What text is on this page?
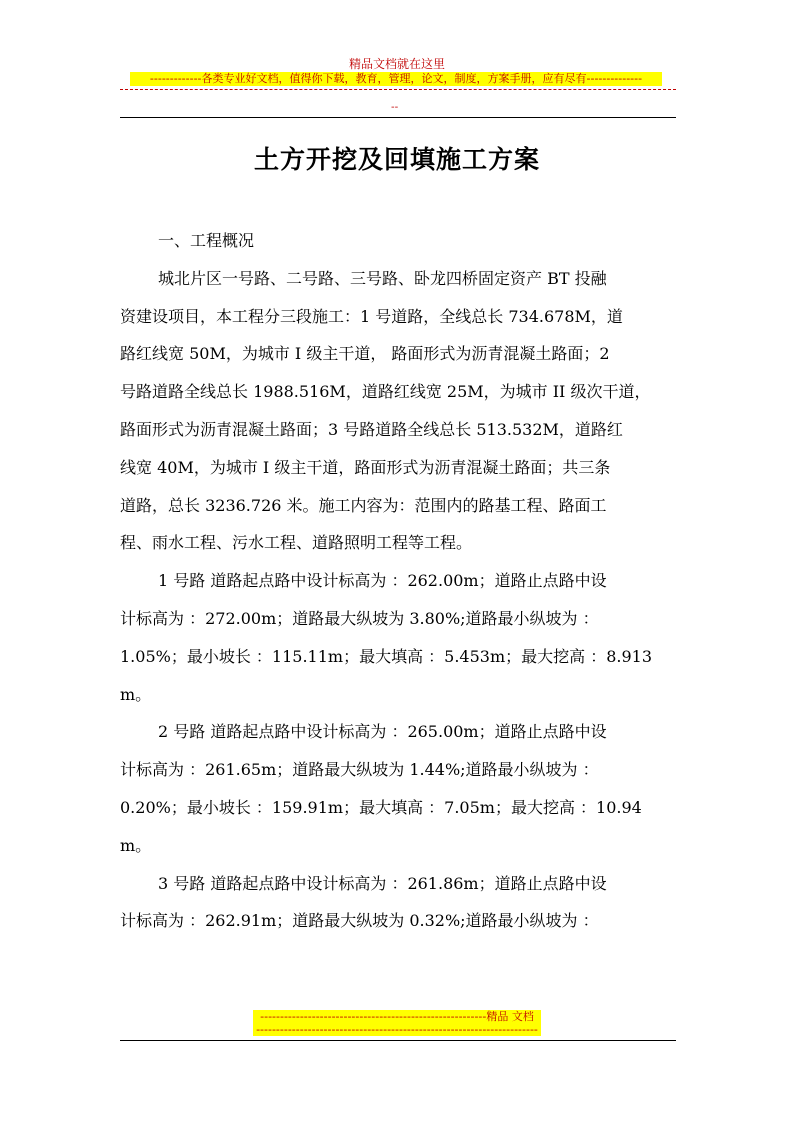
精品文档就在这里
-------------各类专业好文档，值得你下载，教育，管理，论文，制度，方案手册，应有尽有--------------
--
土方开挖及回填施工方案
一、工程概况
城北片区一号路、二号路、三号路、卧龙四桥固定资产 BT 投融
资建设项目，本工程分三段施工：1 号道路，全线总长 734.678M，道
路红线宽 50M，为城市 I 级主干道， 路面形式为沥青混凝土路面；2
号路道路全线总长 1988.516M，道路红线宽 25M，为城市 II 级次干道，
路面形式为沥青混凝土路面；3 号路道路全线总长 513.532M，道路红
线宽 40M，为城市 I 级主干道，路面形式为沥青混凝土路面；共三条
道路，总长 3236.726 米。施工内容为：范围内的路基工程、路面工
程、雨水工程、污水工程、道路照明工程等工程。
1 号路 道路起点路中设计标高为 ：262.00m；道路止点路中设
计标高为 ：272.00m；道路最大纵坡为 3.80%;道路最小纵坡为 ：
1.05%；最小坡长 ：115.11m；最大填高 ：5.453m；最大挖高 ：8.913
m。
2 号路 道路起点路中设计标高为 ：265.00m；道路止点路中设
计标高为 ：261.65m；道路最大纵坡为 1.44%;道路最小纵坡为 ：
0.20%；最小坡长 ：159.91m；最大填高 ：7.05m；最大挖高 ：10.94
m。
3 号路 道路起点路中设计标高为 ：261.86m；道路止点路中设
计标高为 ：262.91m；道路最大纵坡为 0.32%;道路最小纵坡为 ：
---------------------------------------------------------精品 文档
-----------------------------------------------------------------------
